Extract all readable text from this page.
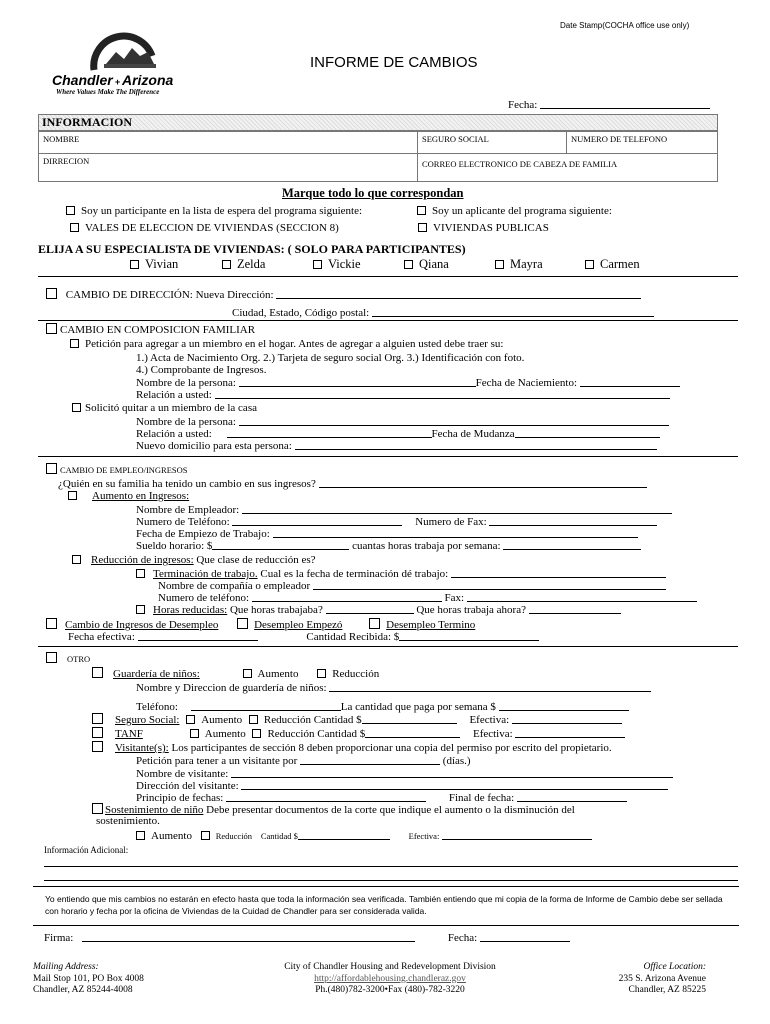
Date Stamp(COCHA office use only)
Chandler + Arizona
Where Values Make The Difference
INFORME DE CAMBIOS
Fecha:
INFORMACION
NOMBRE	SEGURO SOCIAL	NUMERO DE TELEFONO
DIRRECION	CORREO ELECTRONICO DE CABEZA DE FAMILIA	
Marque todo lo que correspondan
Soy un participante en la lista de espera del programa siguiente:	Soy un aplicante del programa siguiente:
VALES DE ELECCION DE VIVIENDAS (SECCION 8)	VIVIENDAS PUBLICAS
ELIJA A SU ESPECIALISTA DE VIVIENDAS: ( SOLO PARA PARTICIPANTES)
Vivian	Zelda	Vickie	Qiana	Mayra	Carmen
CAMBIO DE DIRECCIÓN: Nueva Dirección:
Ciudad, Estado, Código postal:
CAMBIO EN COMPOSICION FAMILIAR
Petición para agregar a un miembro en el hogar. Antes de agregar a alguien usted debe traer su:
1.) Acta de Nacimiento Org. 2.) Tarjeta de seguro social Org. 3.) Identificación con foto.
4.) Comprobante de Ingresos.
Nombre de la persona:	Fecha de Naciemiento:
Relación a usted:
Solicitó quitar a un miembro de la casa
Nombre de la persona:
Relación a usted:	Fecha de Mudanza
Nuevo domicilio para esta persona:
CAMBIO DE EMPLEO/INGRESOS
¿Quién en su familia ha tenido un cambio en sus ingresos?
Aumento en Ingresos:
Nombre de Empleador:
Numero de Teléfono:	Numero de Fax:
Fecha de Empiezo de Trabajo:
Sueldo horario: $	cuantas horas trabaja por semana:
Reducción de ingresos: Que clase de reducción es?
Terminación de trabajo. Cual es la fecha de terminación dé trabajo:
Nombre de compañía o empleador
Numero de teléfono:	Fax:
Horas reducidas: Que horas trabajaba?	Que horas trabaja ahora?
Cambio de Ingresos de Desempleo	Desempleo Empezó	Desempleo Termino
Fecha efectiva:	Cantidad Recibida: $
OTRO
Guardería de niños:	Aumento	Reducción
Nombre y Direccion de guardería de niños:
Teléfono:	La cantidad que paga por semana $
Seguro Social: Aumento Reducción Cantidad $	Efectiva:
TANF	Aumento Reducción Cantidad $	Efectiva:
Visitante(s): Los participantes de sección 8 deben proporcionar una copia del permiso por escrito del propietario.
Petición para tener a un visitante por	(días.)
Nombre de visitante:
Dirección del visitante:
Principio de fechas:	Final de fecha:
Sostenimiento de niño Debe presentar documentos de la corte que indique el aumento o la disminución del
sostenimiento.
Aumento	Reducción Cantidad $	Efectiva:
Información Adicional:
Yo entiendo que mis cambios no estarán en efecto hasta que toda la información sea verificada. También entiendo que mi copia de la forma de Informe de Cambio debe ser sellada con horario y fecha por la oficina de Viviendas de la Cuidad de Chandler para ser considerada valida.
Firma:	Fecha:
Mailing Address:
Mail Stop 101, PO Box 4008
Chandler, AZ 85244-4008
City of Chandler Housing and Redevelopment Division
http://affordablehousing.chandleraz.gov
Ph.(480)782-3200•Fax (480)-782-3220
Office Location:
235 S. Arizona Avenue
Chandler, AZ 85225
